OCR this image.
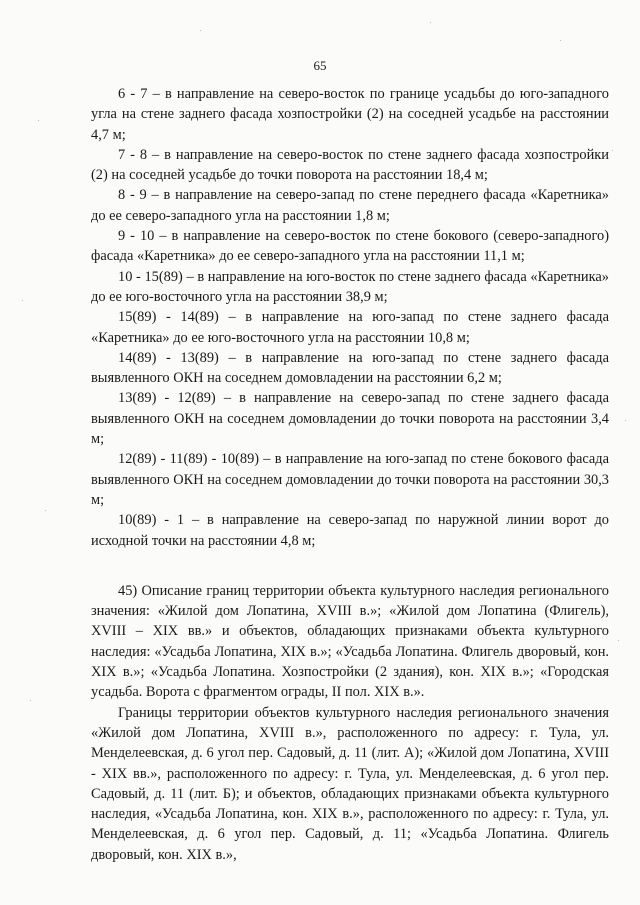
65

6 - 7 – в направление на северо-восток по границе усадьбы до юго-западного угла на стене заднего фасада хозпостройки (2) на соседней усадьбе на расстоянии 4,7 м;

7 - 8 – в направление на северо-восток по стене заднего фасада хозпостройки (2) на соседней усадьбе до точки поворота на расстоянии 18,4 м;

8 - 9 – в направление на северо-запад по стене переднего фасада «Каретника» до ее северо-западного угла на расстоянии 1,8 м;

9 - 10 – в направление на северо-восток по стене бокового (северо-западного) фасада «Каретника» до ее северо-западного угла на расстоянии 11,1 м;

10 - 15(89) – в направление на юго-восток по стене заднего фасада «Каретника» до ее юго-восточного угла на расстоянии 38,9 м;

15(89) - 14(89) – в направление на юго-запад по стене заднего фасада «Каретника» до ее юго-восточного угла на расстоянии 10,8 м;

14(89) - 13(89) – в направление на юго-запад по стене заднего фасада выявленного ОКН на соседнем домовладении на расстоянии 6,2 м;

13(89) - 12(89) – в направление на северо-запад по стене заднего фасада выявленного ОКН на соседнем домовладении до точки поворота на расстоянии 3,4 м;

12(89) - 11(89) - 10(89) – в направление на юго-запад по стене бокового фасада выявленного ОКН на соседнем домовладении до точки поворота на расстоянии 30,3 м;

10(89) - 1 – в направление на северо-запад по наружной линии ворот до исходной точки на расстоянии 4,8 м;

45) Описание границ территории объекта культурного наследия регионального значения: «Жилой дом Лопатина, XVIII в.»; «Жилой дом Лопатина (Флигель), XVIII – XIX вв.» и объектов, обладающих признаками объекта культурного наследия: «Усадьба Лопатина, XIX в.»; «Усадьба Лопатина. Флигель дворовый, кон. XIX в.»; «Усадьба Лопатина. Хозпостройки (2 здания), кон. XIX в.»; «Городская усадьба. Ворота с фрагментом ограды, II пол. XIX в.».

Границы территории объектов культурного наследия регионального значения «Жилой дом Лопатина, XVIII в.», расположенного по адресу: г. Тула, ул. Менделеевская, д. 6 угол пер. Садовый, д. 11 (лит. А); «Жилой дом Лопатина, XVIII - XIX вв.», расположенного по адресу: г. Тула, ул. Менделеевская, д. 6 угол пер. Садовый, д. 11 (лит. Б); и объектов, обладающих признаками объекта культурного наследия, «Усадьба Лопатина, кон. XIX в.», расположенного по адресу: г. Тула, ул. Менделеевская, д. 6 угол пер. Садовый, д. 11; «Усадьба Лопатина. Флигель дворовый, кон. XIX в.»,
